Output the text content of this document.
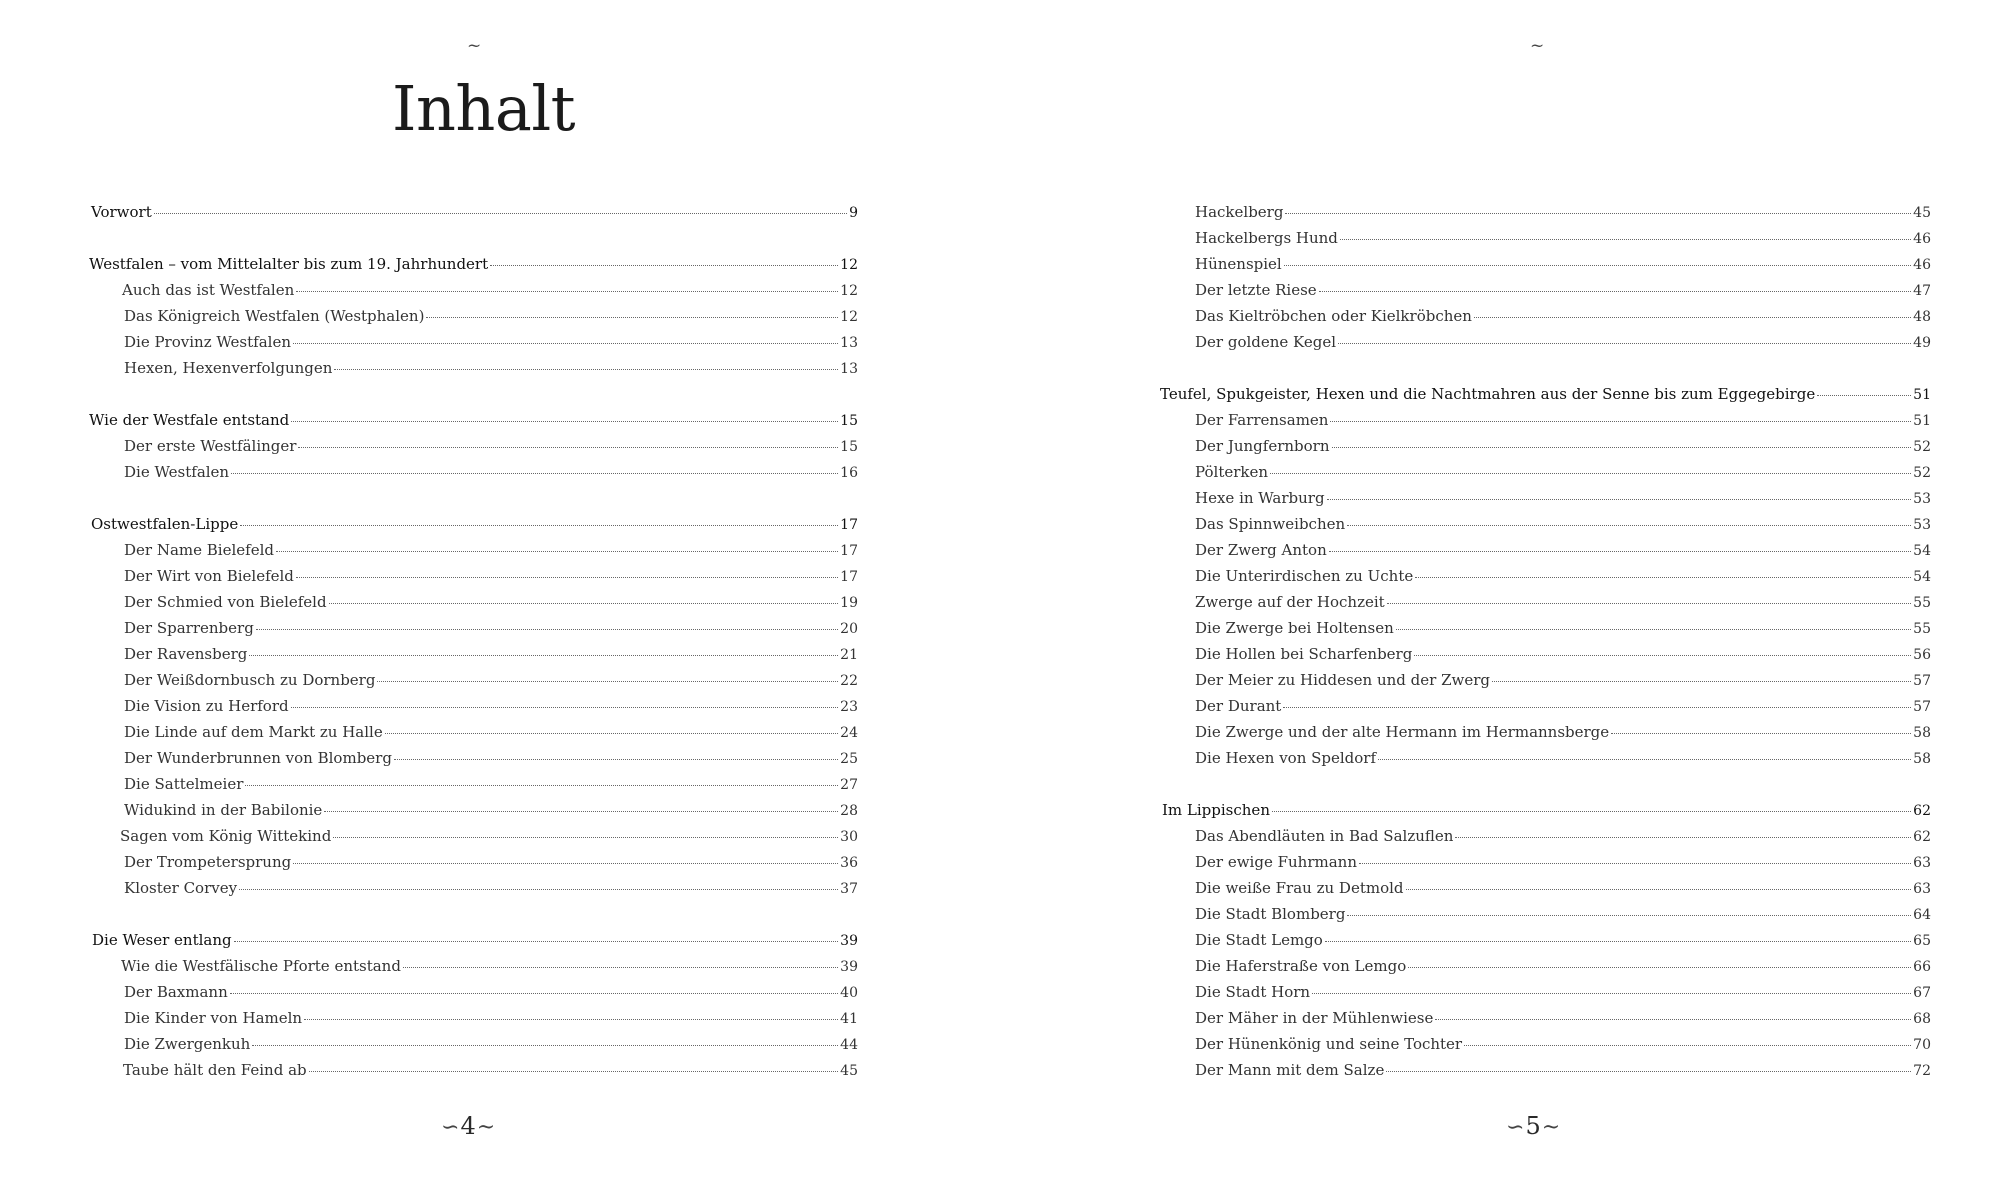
~
Inhalt
Vorwort	9
Westfalen – vom Mittelalter bis zum 19. Jahrhundert	12
Auch das ist Westfalen	12
Das Königreich Westfalen (Westphalen)	12
Die Provinz Westfalen	13
Hexen, Hexenverfolgungen	13
Wie der Westfale entstand	15
Der erste Westfälinger	15
Die Westfalen	16
Ostwestfalen-Lippe	17
Der Name Bielefeld	17
Der Wirt von Bielefeld	17
Der Schmied von Bielefeld	19
Der Sparrenberg	20
Der Ravensberg	21
Der Weißdornbusch zu Dornberg	22
Die Vision zu Herford	23
Die Linde auf dem Markt zu Halle	24
Der Wunderbrunnen von Blomberg	25
Die Sattelmeier	27
Widukind in der Babilonie	28
Sagen vom König Wittekind	30
Der Trompetersprung	36
Kloster Corvey	37
Die Weser entlang	39
Wie die Westfälische Pforte entstand	39
Der Baxmann	40
Die Kinder von Hameln	41
Die Zwergenkuh	44
Taube hält den Feind ab	45
∽4~
~
Hackelberg	45
Hackelbergs Hund	46
Hünenspiel	46
Der letzte Riese	47
Das Kieltröbchen oder Kielkröbchen	48
Der goldene Kegel	49
Teufel, Spukgeister, Hexen und die Nachtmahren aus der Senne bis zum Eggegebirge	51
Der Farrensamen	51
Der Jungfernborn	52
Pölterken	52
Hexe in Warburg	53
Das Spinnweibchen	53
Der Zwerg Anton	54
Die Unterirdischen zu Uchte	54
Zwerge auf der Hochzeit	55
Die Zwerge bei Holtensen	55
Die Hollen bei Scharfenberg	56
Der Meier zu Hiddesen und der Zwerg	57
Der Durant	57
Die Zwerge und der alte Hermann im Hermannsberge	58
Die Hexen von Speldorf	58
Im Lippischen	62
Das Abendläuten in Bad Salzuflen	62
Der ewige Fuhrmann	63
Die weiße Frau zu Detmold	63
Die Stadt Blomberg	64
Die Stadt Lemgo	65
Die Haferstraße von Lemgo	66
Die Stadt Horn	67
Der Mäher in der Mühlenwiese	68
Der Hünenkönig und seine Tochter	70
Der Mann mit dem Salze	72
∽5~
